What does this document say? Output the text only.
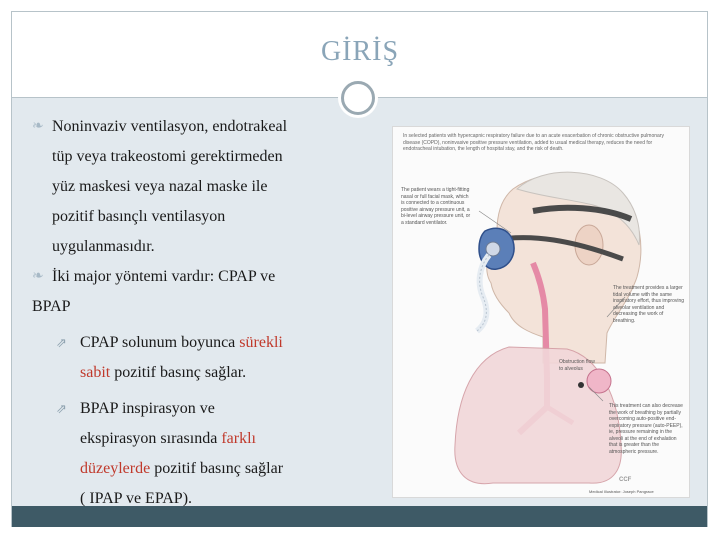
GİRİŞ
❧ Noninvaziv ventilasyon, endotrakeal
tüp veya trakeostomi gerektirmeden
yüz maskesi veya nazal maske ile
pozitif basınçlı ventilasyon
uygulanmasıdır.
❧ İki major yöntemi vardır: CPAP ve
BPAP
⇗ CPAP solunum boyunca sürekli
sabit pozitif basınç sağlar.
⇗ BPAP inspirasyon ve
ekspirasyon sırasında farklı
düzeylerde pozitif basınç sağlar
( IPAP ve EPAP).
In selected patients with hypercapnic respiratory failure due to an acute exacerbation of chronic obstructive pulmonary disease (COPD), noninvasive positive pressure ventilation, added to usual medical therapy, reduces the need for endotracheal intubation, the length of hospital stay, and the risk of death.
The patient wears a tight-fitting nasal or full facial mask, which is connected to a continuous positive airway pressure unit, a bi-level airway pressure unit, or a standard ventilator.
The treatment provides a larger tidal volume with the same inspiratory effort, thus improving alveolar ventilation and decreasing the work of breathing.
Obstruction flow to alveolus
This treatment can also decrease the work of breathing by partially overcoming auto-positive end-expiratory pressure (auto-PEEP), ie, pressure remaining in the alveoli at the end of exhalation that is greater than the atmospheric pressure.
CCF
Medical Illustrator: Joseph Pangrace
